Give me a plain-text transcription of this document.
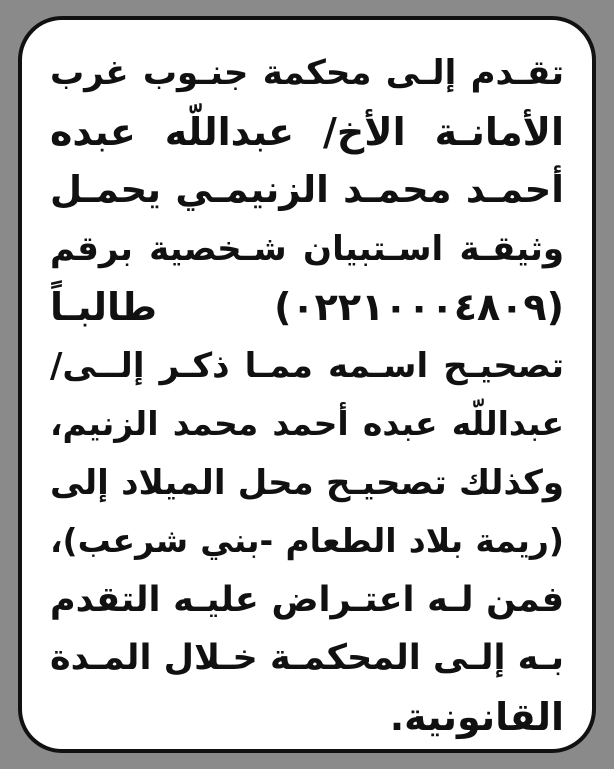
تقـدم إلـى محكمة جنـوب غرب
الأمانـة الأخ/ عبداللّه عبده
أحمـد محمـد الزنيمـي يحمـل
وثيقـة اسـتبيان شـخصية برقم
(٠٢٢١٠٠٠٤٨٠٩) طالبـاً
تصحيـح اسـمه ممـا ذكـر إلــى/
عبداللّه عبده أحمد محمد الزنيم،
وكذلك تصحيـح محل الميلاد إلى
(ريمة بلاد الطعام -بني شرعب)،
فمن لـه اعتـراض عليـه التقدم
بـه إلـى المحكمـة خـلال المـدة
القانونية.
